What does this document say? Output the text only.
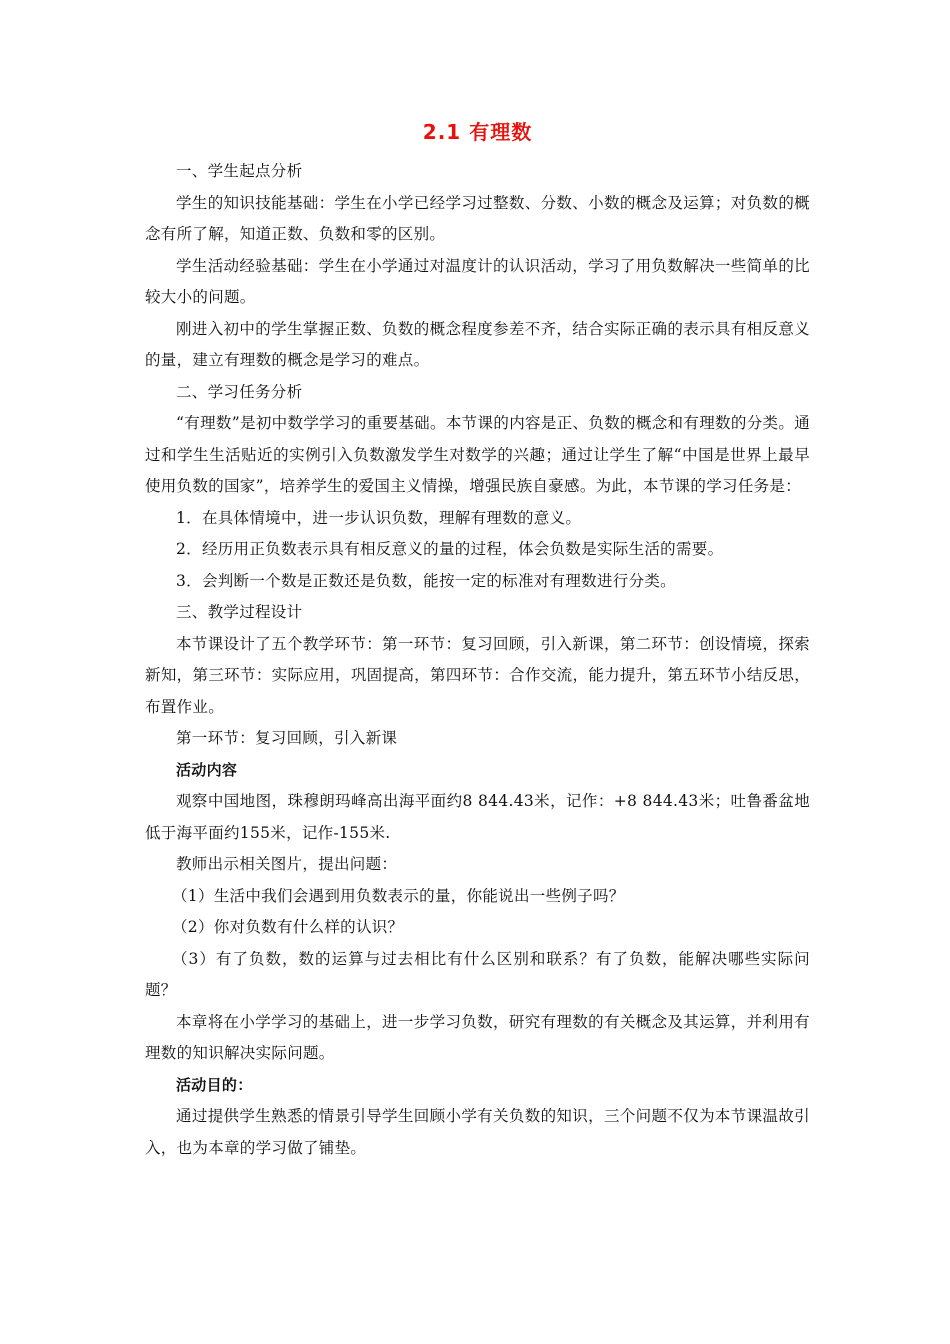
2.1 有理数

一、学生起点分析

学生的知识技能基础：学生在小学已经学习过整数、分数、小数的概念及运算；对负数的概念有所了解，知道正数、负数和零的区别。

学生活动经验基础：学生在小学通过对温度计的认识活动，学习了用负数解决一些简单的比较大小的问题。

刚进入初中的学生掌握正数、负数的概念程度参差不齐，结合实际正确的表示具有相反意义的量，建立有理数的概念是学习的难点。

二、学习任务分析

“有理数”是初中数学学习的重要基础。本节课的内容是正、负数的概念和有理数的分类。通过和学生生活贴近的实例引入负数激发学生对数学的兴趣；通过让学生了解“中国是世界上最早使用负数的国家”，培养学生的爱国主义情操，增强民族自豪感。为此，本节课的学习任务是：

1．在具体情境中，进一步认识负数，理解有理数的意义。

2．经历用正负数表示具有相反意义的量的过程，体会负数是实际生活的需要。

3．会判断一个数是正数还是负数，能按一定的标准对有理数进行分类。

三、教学过程设计

本节课设计了五个教学环节：第一环节：复习回顾，引入新课，第二环节：创设情境，探索新知，第三环节：实际应用，巩固提高，第四环节：合作交流，能力提升，第五环节小结反思，布置作业。

第一环节：复习回顾，引入新课

活动内容

观察中国地图，珠穆朗玛峰高出海平面约8 844.43米，记作：+8 844.43米；吐鲁番盆地低于海平面约155米，记作-155米.

教师出示相关图片，提出问题：

（1）生活中我们会遇到用负数表示的量，你能说出一些例子吗？

（2）你对负数有什么样的认识？

（3）有了负数，数的运算与过去相比有什么区别和联系？有了负数，能解决哪些实际问题？

本章将在小学学习的基础上，进一步学习负数，研究有理数的有关概念及其运算，并利用有理数的知识解决实际问题。

活动目的：

通过提供学生熟悉的情景引导学生回顾小学有关负数的知识，三个问题不仅为本节课温故引入，也为本章的学习做了铺垫。
